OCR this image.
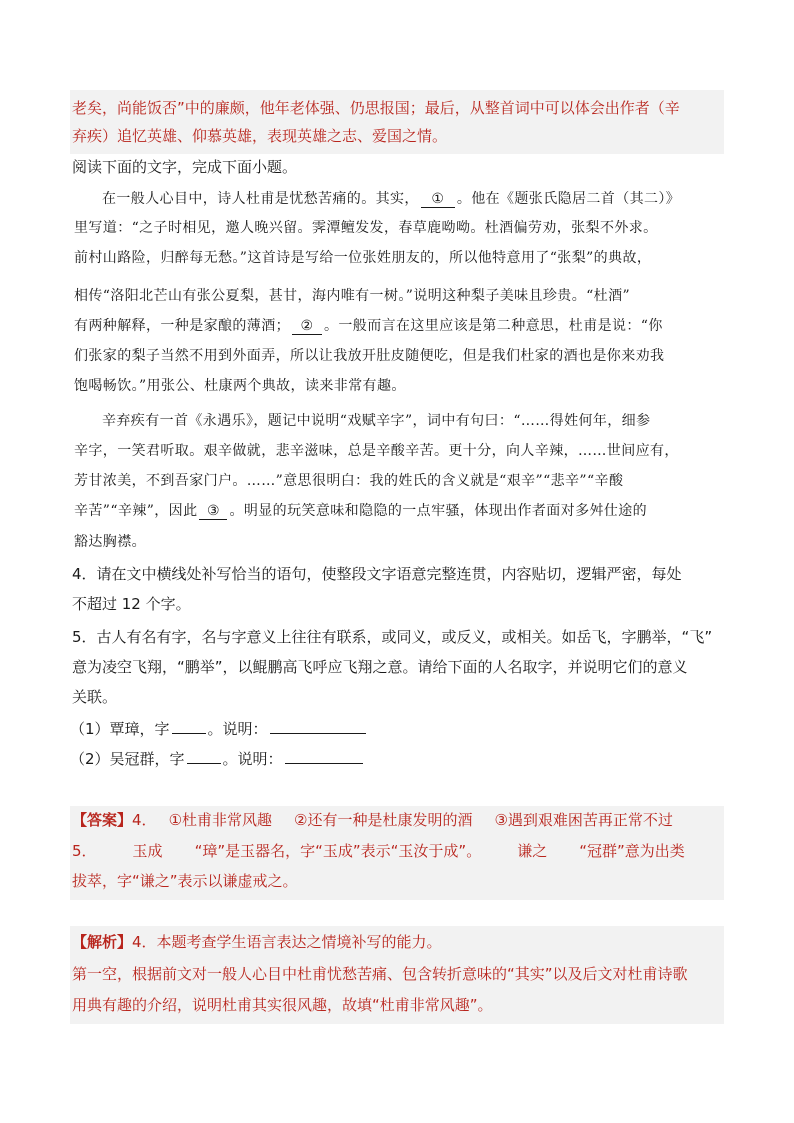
老矣，尚能饭否”中的廉颇，他年老体强、仍思报国；最后，从整首词中可以体会出作者（辛
弃疾）追忆英雄、仰慕英雄，表现英雄之志、爱国之情。
阅读下面的文字，完成下面小题。
在一般人心目中，诗人杜甫是忧愁苦痛的。其实， ① 。他在《题张氏隐居二首（其二）》
里写道：“之子时相见，邀人晚兴留。霁潭鳣发发，春草鹿呦呦。杜酒偏劳劝，张梨不外求。
前村山路险，归醉每无愁。”这首诗是写给一位张姓朋友的，所以他特意用了“张梨”的典故，
相传“洛阳北芒山有张公夏梨，甚甘，海内唯有一树。”说明这种梨子美味且珍贵。“杜酒”
有两种解释，一种是家酿的薄酒； ② 。一般而言在这里应该是第二种意思，杜甫是说：“你
们张家的梨子当然不用到外面弄，所以让我放开肚皮随便吃，但是我们杜家的酒也是你来劝我
饱喝畅饮。”用张公、杜康两个典故，读来非常有趣。
辛弃疾有一首《永遇乐》，题记中说明“戏赋辛字”，词中有句曰：“……得姓何年，细参
辛字，一笑君听取。艰辛做就，悲辛滋味，总是辛酸辛苦。更十分，向人辛辣，……世间应有，
芳甘浓美，不到吾家门户。……”意思很明白：我的姓氏的含义就是“艰辛”“悲辛”“辛酸
辛苦”“辛辣”，因此 ③ 。明显的玩笑意味和隐隐的一点牢骚，体现出作者面对多舛仕途的
豁达胸襟。
4．请在文中横线处补写恰当的语句，使整段文字语意完整连贯，内容贴切，逻辑严密，每处
不超过 12 个字。
5．古人有名有字，名与字意义上往往有联系，或同义，或反义，或相关。如岳飞，字鹏举，“飞”
意为凌空飞翔，“鹏举”，以鲲鹏高飞呼应飞翔之意。请给下面的人名取字，并说明它们的意义
关联。
（1）覃璋，字	。说明：
（2）吴冠群，字	。说明：
【答案】4． ①杜甫非常风趣 ②还有一种是杜康发明的酒 ③遇到艰难困苦再正常不过
5． 玉成 “璋”是玉器名，字“玉成”表示“玉汝于成”。 谦之 “冠群”意为出类
拔萃，字“谦之”表示以谦虚戒之。
【解析】4．本题考查学生语言表达之情境补写的能力。
第一空，根据前文对一般人心目中杜甫忧愁苦痛、包含转折意味的“其实”以及后文对杜甫诗歌
用典有趣的介绍，说明杜甫其实很风趣，故填“杜甫非常风趣”。
